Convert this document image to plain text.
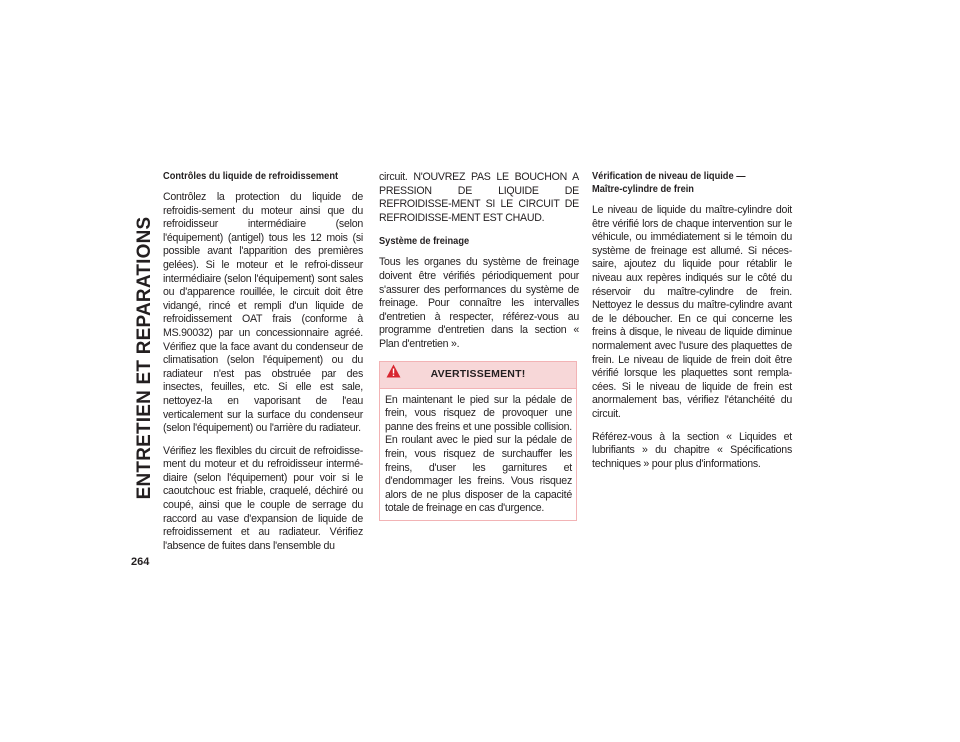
ENTRETIEN ET REPARATIONS
264
Contrôles du liquide de refroidissement

Contrôlez la protection du liquide de refroidis-sement du moteur ainsi que du refroidisseur intermédiaire (selon l'équipement) (antigel) tous les 12 mois (si possible avant l'apparition des premières gelées). Si le moteur et le refroi-disseur intermédiaire (selon l'équipement) sont sales ou d'apparence rouillée, le circuit doit être vidangé, rincé et rempli d'un liquide de refroidissement OAT frais (conforme à MS.90032) par un concessionnaire agréé. Vérifiez que la face avant du condenseur de climatisation (selon l'équipement) ou du radiateur n'est pas obstruée par des insectes, feuilles, etc. Si elle est sale, nettoyez-la en vaporisant de l'eau verticalement sur la surface du condenseur (selon l'équipement) ou l'arrière du radiateur.

Vérifiez les flexibles du circuit de refroidisse-ment du moteur et du refroidisseur intermé-diaire (selon l'équipement) pour voir si le caoutchouc est friable, craquelé, déchiré ou coupé, ainsi que le couple de serrage du raccord au vase d'expansion de liquide de refroidissement et au radiateur. Vérifiez l'absence de fuites dans l'ensemble du

circuit. N'OUVREZ PAS LE BOUCHON A PRESSION DE LIQUIDE DE REFROIDISSE-MENT SI LE CIRCUIT DE REFROIDISSE-MENT EST CHAUD.

Système de freinage

Tous les organes du système de freinage doivent être vérifiés périodiquement pour s'assurer des performances du système de freinage. Pour connaître les intervalles d'entretien à respecter, référez-vous au programme d'entretien dans la section « Plan d'entretien ».

AVERTISSEMENT!

En maintenant le pied sur la pédale de frein, vous risquez de provoquer une panne des freins et une possible collision. En roulant avec le pied sur la pédale de frein, vous risquez de surchauffer les freins, d'user les garnitures et d'endommager les freins. Vous risquez alors de ne plus disposer de la capacité totale de freinage en cas d'urgence.

Vérification de niveau de liquide —
Maître-cylindre de frein

Le niveau de liquide du maître-cylindre doit être vérifié lors de chaque intervention sur le véhicule, ou immédiatement si le témoin du système de freinage est allumé. Si néces-saire, ajoutez du liquide pour rétablir le niveau aux repères indiqués sur le côté du réservoir du maître-cylindre de frein. Nettoyez le dessus du maître-cylindre avant de le déboucher. En ce qui concerne les freins à disque, le niveau de liquide diminue normalement avec l'usure des plaquettes de frein. Le niveau de liquide de frein doit être vérifié lorsque les plaquettes sont rempla-cées. Si le niveau de liquide de frein est anormalement bas, vérifiez l'étanchéité du circuit.

Référez-vous à la section « Liquides et lubrifiants » du chapitre « Spécifications techniques » pour plus d'informations.
